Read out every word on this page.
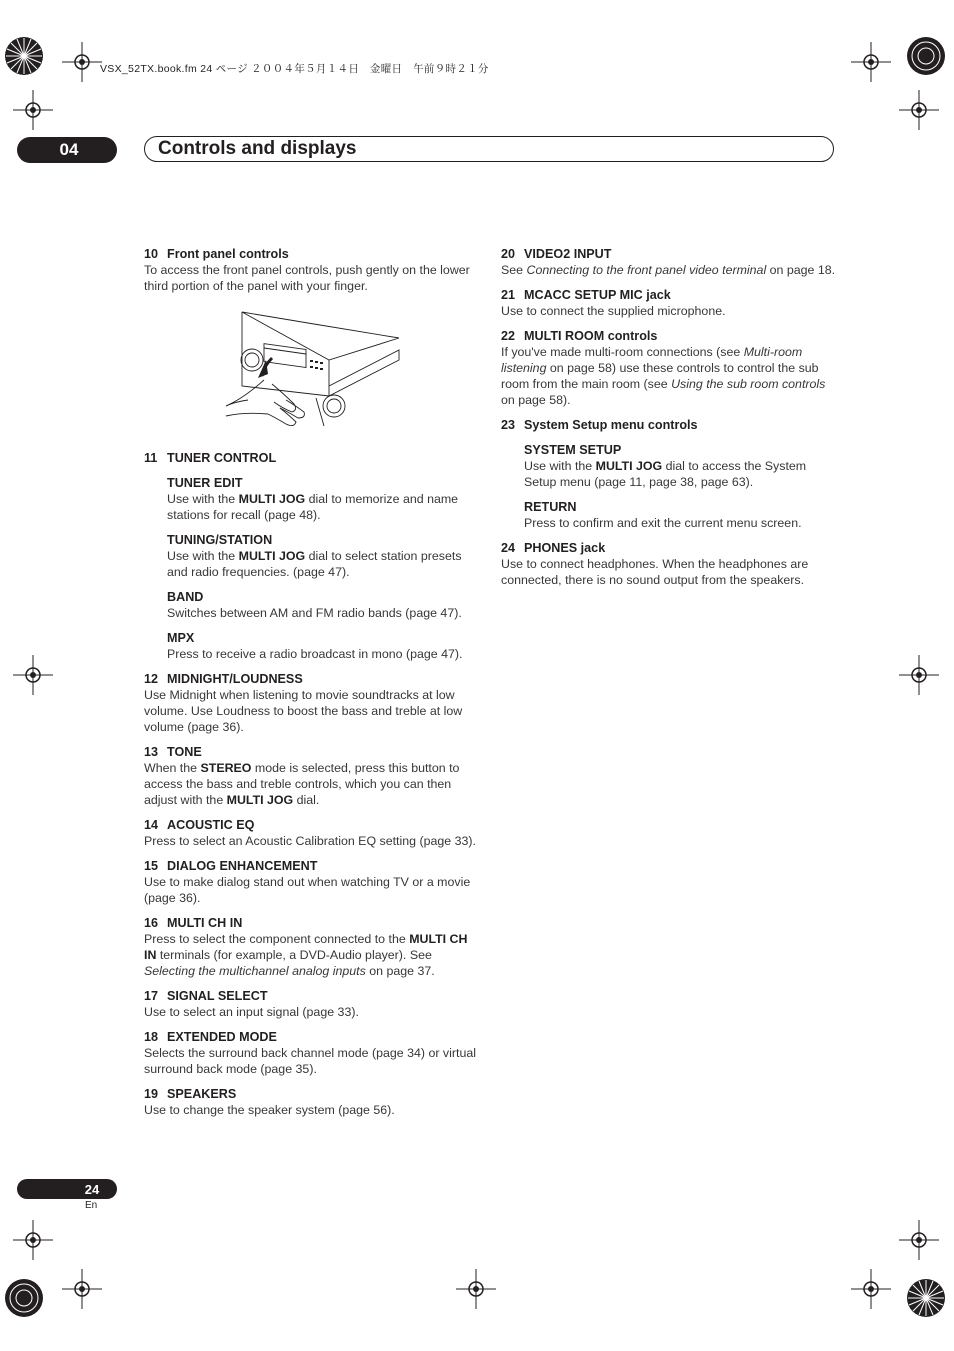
VSX_52TX.book.fm 24 ページ ２００４年５月１４日　金曜日　午前９時２１分
04	Controls and displays
10 Front panel controls

To access the front panel controls, push gently on the lower third portion of the panel with your finger.

11 TUNER CONTROL
TUNER EDIT

Use with the MULTI JOG dial to memorize and name stations for recall (page 48).

TUNING/STATION

Use with the MULTI JOG dial to select station presets and radio frequencies. (page 47).

BAND

Switches between AM and FM radio bands (page 47).

MPX

Press to receive a radio broadcast in mono (page 47).

12 MIDNIGHT/LOUDNESS

Use Midnight when listening to movie soundtracks at low volume. Use Loudness to boost the bass and treble at low volume (page 36).

13 TONE

When the STEREO mode is selected, press this button to access the bass and treble controls, which you can then adjust with the MULTI JOG dial.

14 ACOUSTIC EQ

Press to select an Acoustic Calibration EQ setting (page 33).

15 DIALOG ENHANCEMENT

Use to make dialog stand out when watching TV or a movie (page 36).

16 MULTI CH IN

Press to select the component connected to the MULTI CH IN terminals (for example, a DVD-Audio player). See Selecting the multichannel analog inputs on page 37.

17 SIGNAL SELECT

Use to select an input signal (page 33).

18 EXTENDED MODE

Selects the surround back channel mode (page 34) or virtual surround back mode (page 35).

19 SPEAKERS

Use to change the speaker system (page 56).

20 VIDEO2 INPUT

See Connecting to the front panel video terminal on page 18.

21 MCACC SETUP MIC jack

Use to connect the supplied microphone.

22 MULTI ROOM controls

If you've made multi-room connections (see Multi-room listening on page 58) use these controls to control the sub room from the main room (see Using the sub room controls on page 58).

23 System Setup menu controls
SYSTEM SETUP

Use with the MULTI JOG dial to access the System Setup menu (page 11, page 38, page 63).

RETURN

Press to confirm and exit the current menu screen.

24 PHONES jack

Use to connect headphones. When the headphones are connected, there is no sound output from the speakers.

24
En
